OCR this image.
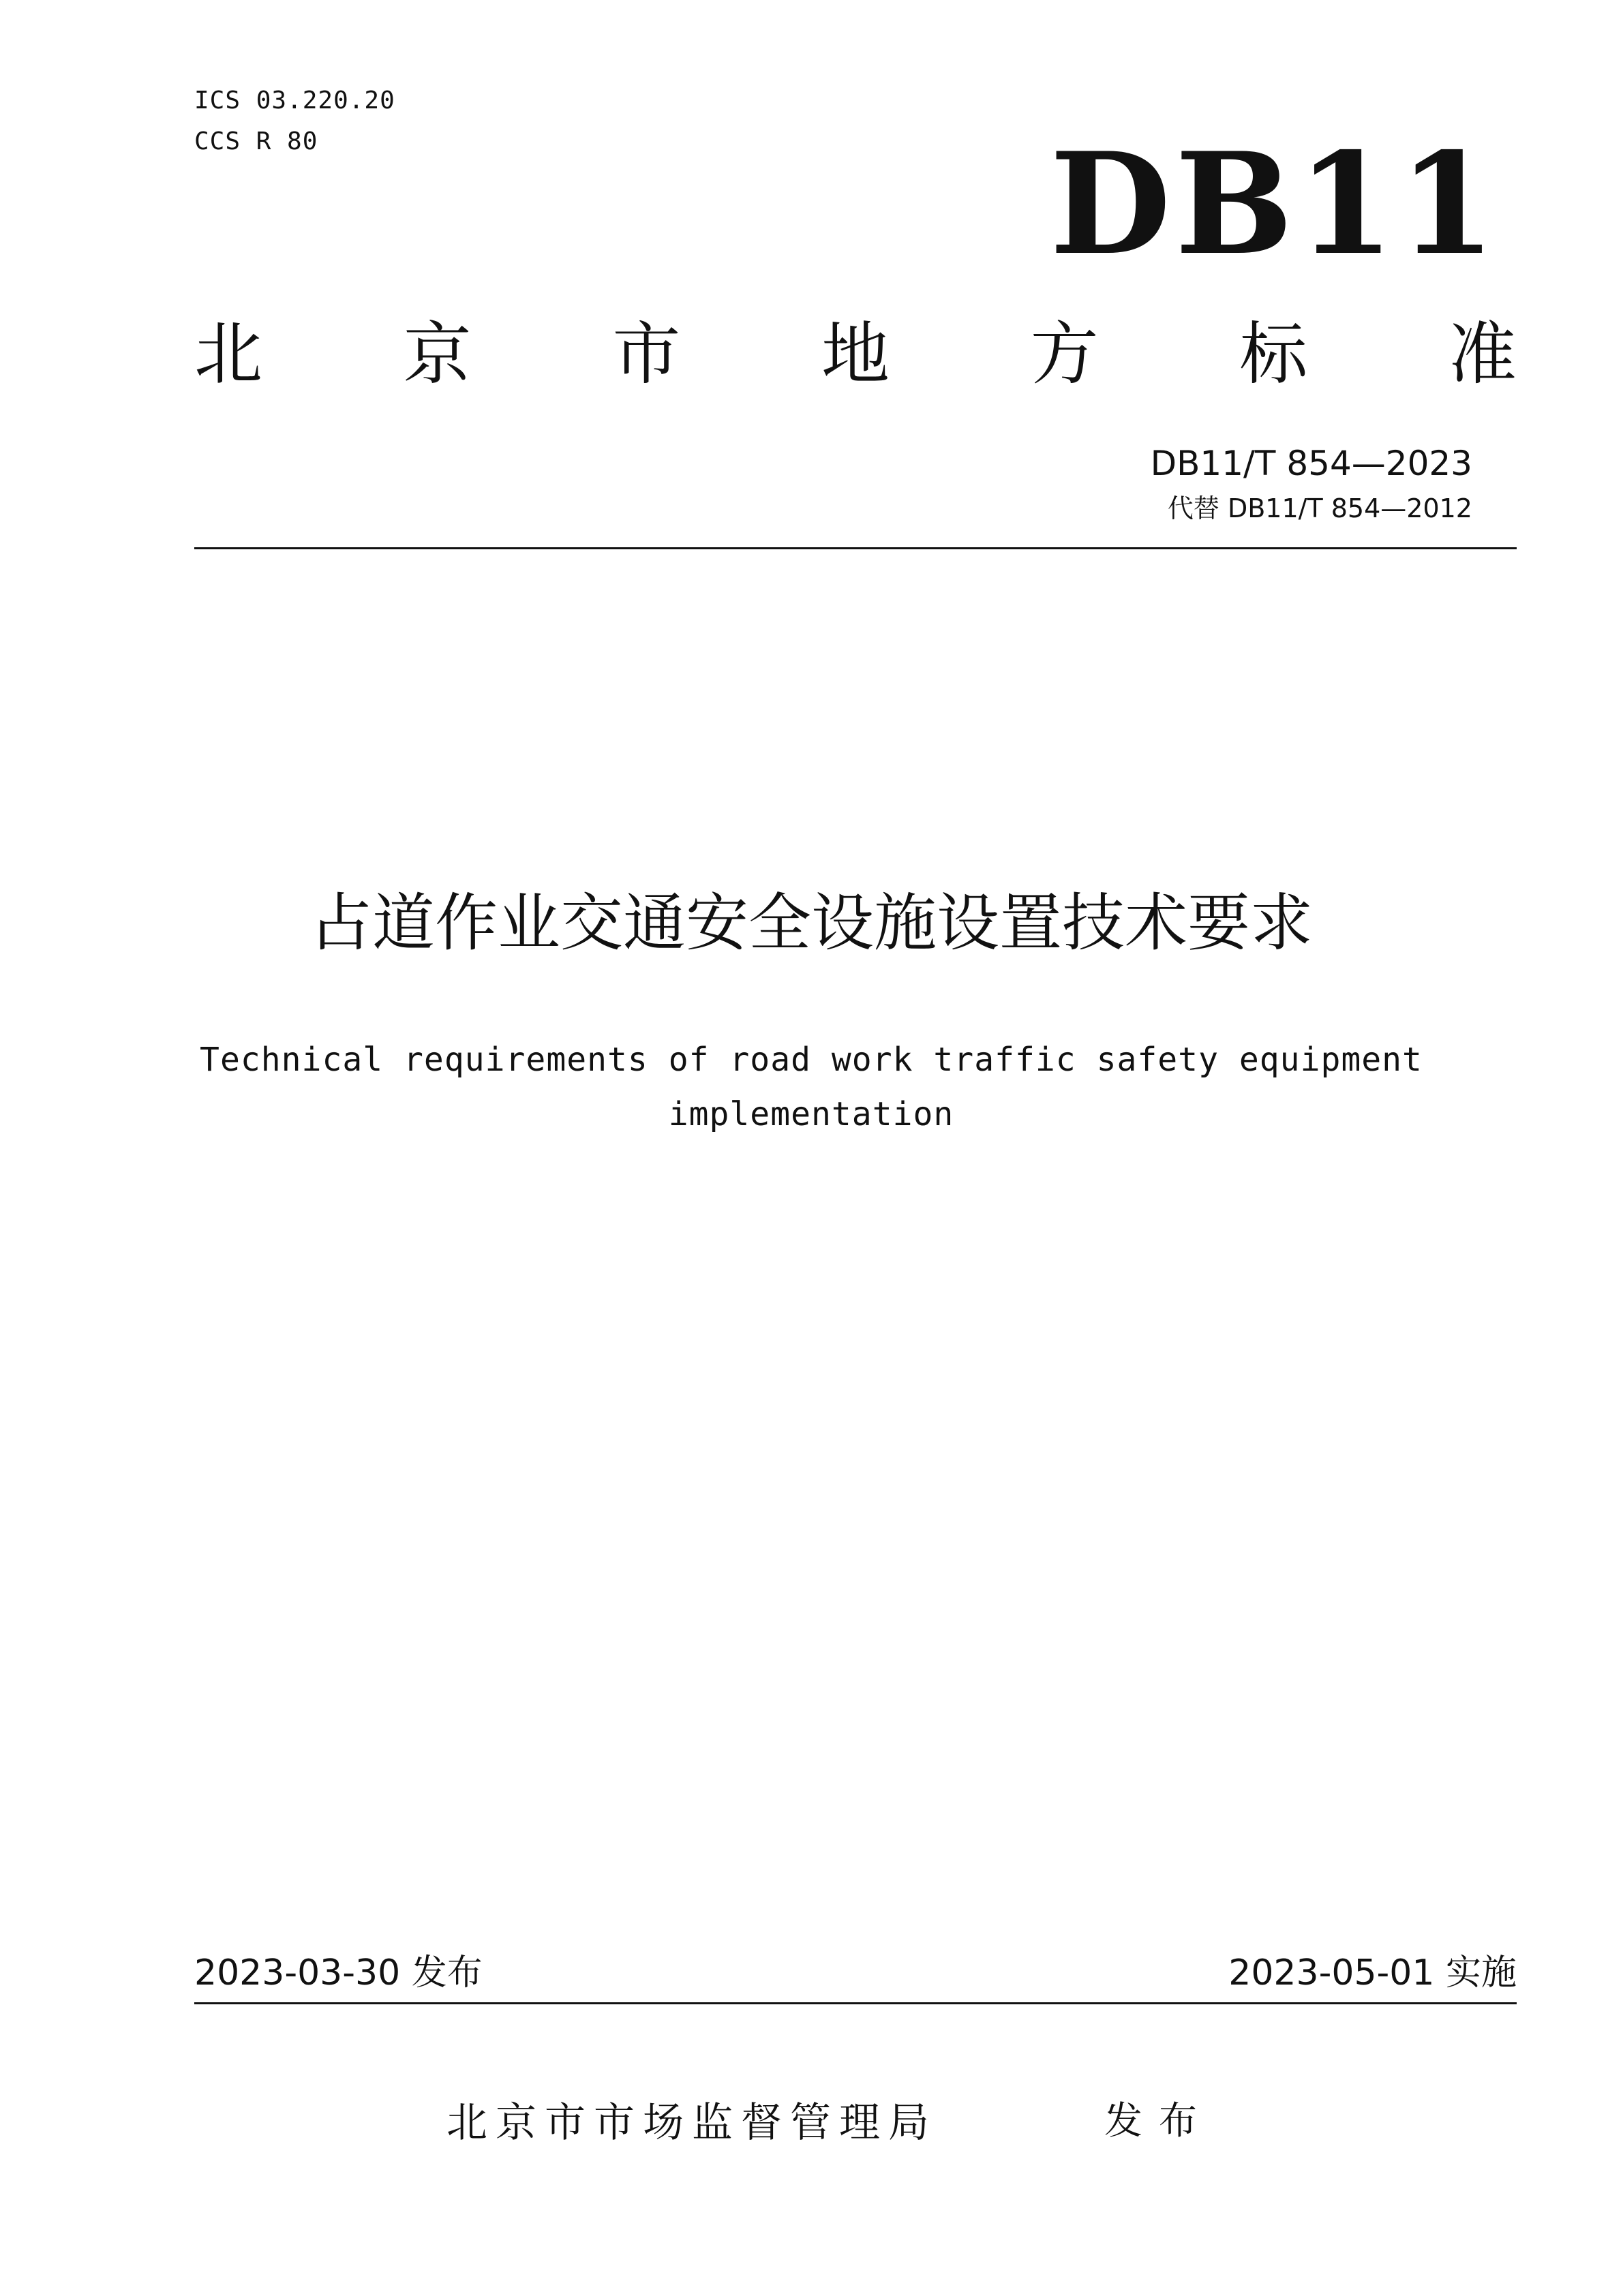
ICS 03.220.20
CCS R 80	DB11
北 京 市 地 方 标 准
DB11/T 854—2023
代替 DB11/T 854—2012
占道作业交通安全设施设置技术要求
Technical requirements of road work traffic safety equipment
implementation
2023-03-30 发布	2023-05-01 实施
北京市市场监督管理局	发布
